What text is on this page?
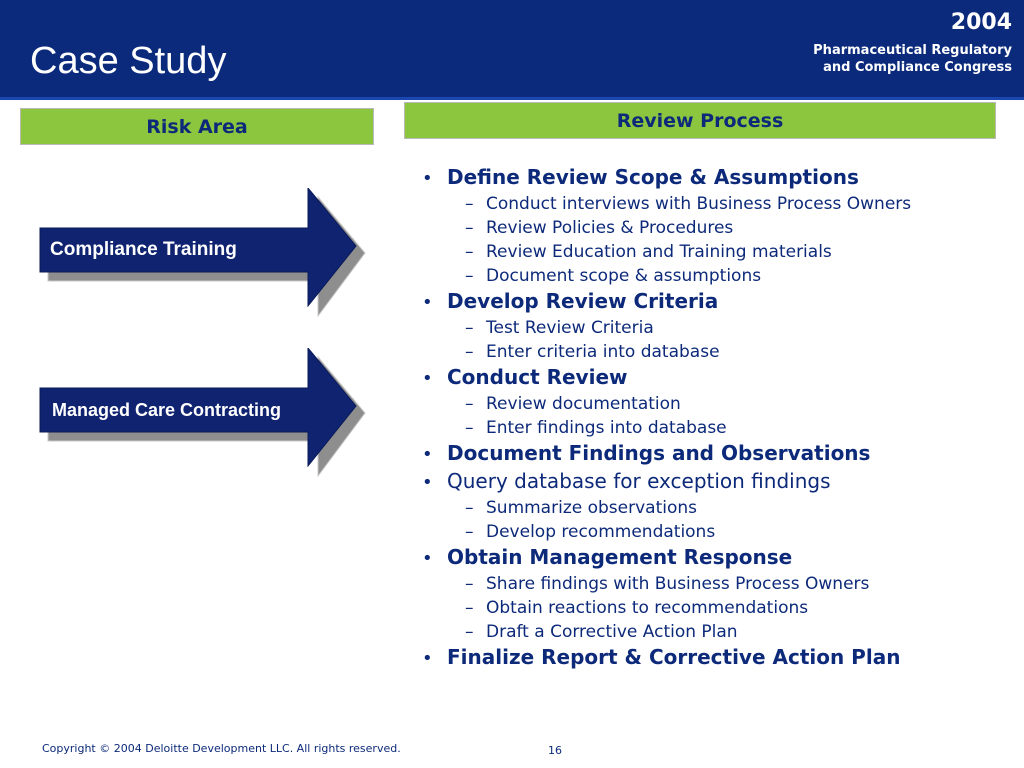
Case Study
2004
Pharmaceutical Regulatory
and Compliance Congress
Risk Area	Review Process
Compliance Training
Managed Care Contracting
• Define Review Scope & Assumptions
– Conduct interviews with Business Process Owners
– Review Policies & Procedures
– Review Education and Training materials
– Document scope & assumptions
• Develop Review Criteria
– Test Review Criteria
– Enter criteria into database
• Conduct Review
– Review documentation
– Enter findings into database
• Document Findings and Observations
• Query database for exception findings
– Summarize observations
– Develop recommendations
• Obtain Management Response
– Share findings with Business Process Owners
– Obtain reactions to recommendations
– Draft a Corrective Action Plan
• Finalize Report & Corrective Action Plan
Copyright © 2004 Deloitte Development LLC. All rights reserved.	16
